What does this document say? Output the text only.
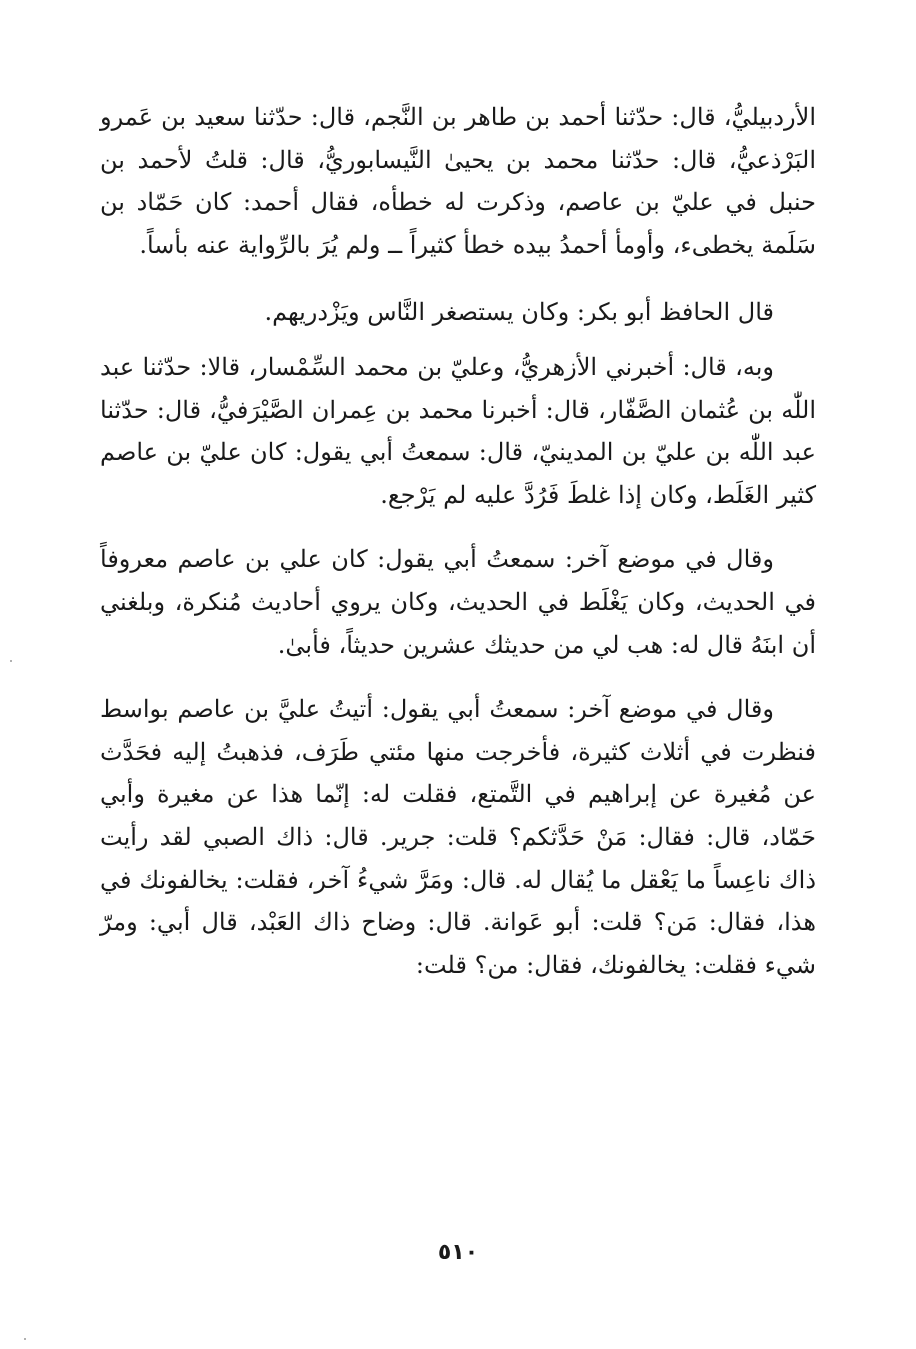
الأردبيليُّ، قال: حدّثنا أحمد بن طاهر بن النَّجم، قال: حدّثنا سعيد بن عَمرو البَرْذعيُّ، قال: حدّثنا محمد بن يحيىٰ النَّيسابوريُّ، قال: قلتُ لأحمد بن حنبل في عليّ بن عاصم، وذكرت له خطأه، فقال أحمد: كان حَمّاد بن سَلَمة يخطىء، وأومأ أحمدُ بيده خطأ كثيراً ــ ولم يُرَ بالرِّواية عنه بأساً.

قال الحافظ أبو بكر: وكان يستصغر النَّاس ويَزْدريهم.

وبه، قال: أخبرني الأزهريُّ، وعليّ بن محمد السِّمْسار، قالا: حدّثنا عبد اللّٰه بن عُثمان الصَّفّار، قال: أخبرنا محمد بن عِمران الصَّيْرَفيُّ، قال: حدّثنا عبد اللّٰه بن عليّ بن المدينيّ، قال: سمعتُ أبي يقول: كان عليّ بن عاصم كثير الغَلَط، وكان إذا غلطَ فَرُدَّ عليه لم يَرْجع.

وقال في موضع آخر: سمعتُ أبي يقول: كان علي بن عاصم معروفاً في الحديث، وكان يَغْلَط في الحديث، وكان يروي أحاديث مُنكرة، وبلغني أن ابنَهُ قال له: هب لي من حديثك عشرين حديثاً، فأبىٰ.

وقال في موضع آخر: سمعتُ أبي يقول: أتيتُ عليَّ بن عاصم بواسط فنظرت في أثلاث كثيرة، فأخرجت منها مئتي طَرَف، فذهبتُ إليه فحَدَّث عن مُغيرة عن إبراهيم في التَّمتع، فقلت له: إنّما هذا عن مغيرة وأبي حَمّاد، قال: فقال: مَنْ حَدَّثكم؟ قلت: جرير. قال: ذاك الصبي لقد رأيت ذاك ناعِساً ما يَعْقل ما يُقال له. قال: ومَرَّ شيءُ آخر، فقلت: يخالفونك في هذا، فقال: مَن؟ قلت: أبو عَوانة. قال: وضاح ذاك العَبْد، قال أبي: ومرّ شيء فقلت: يخالفونك، فقال: من؟ قلت:

٥١٠
